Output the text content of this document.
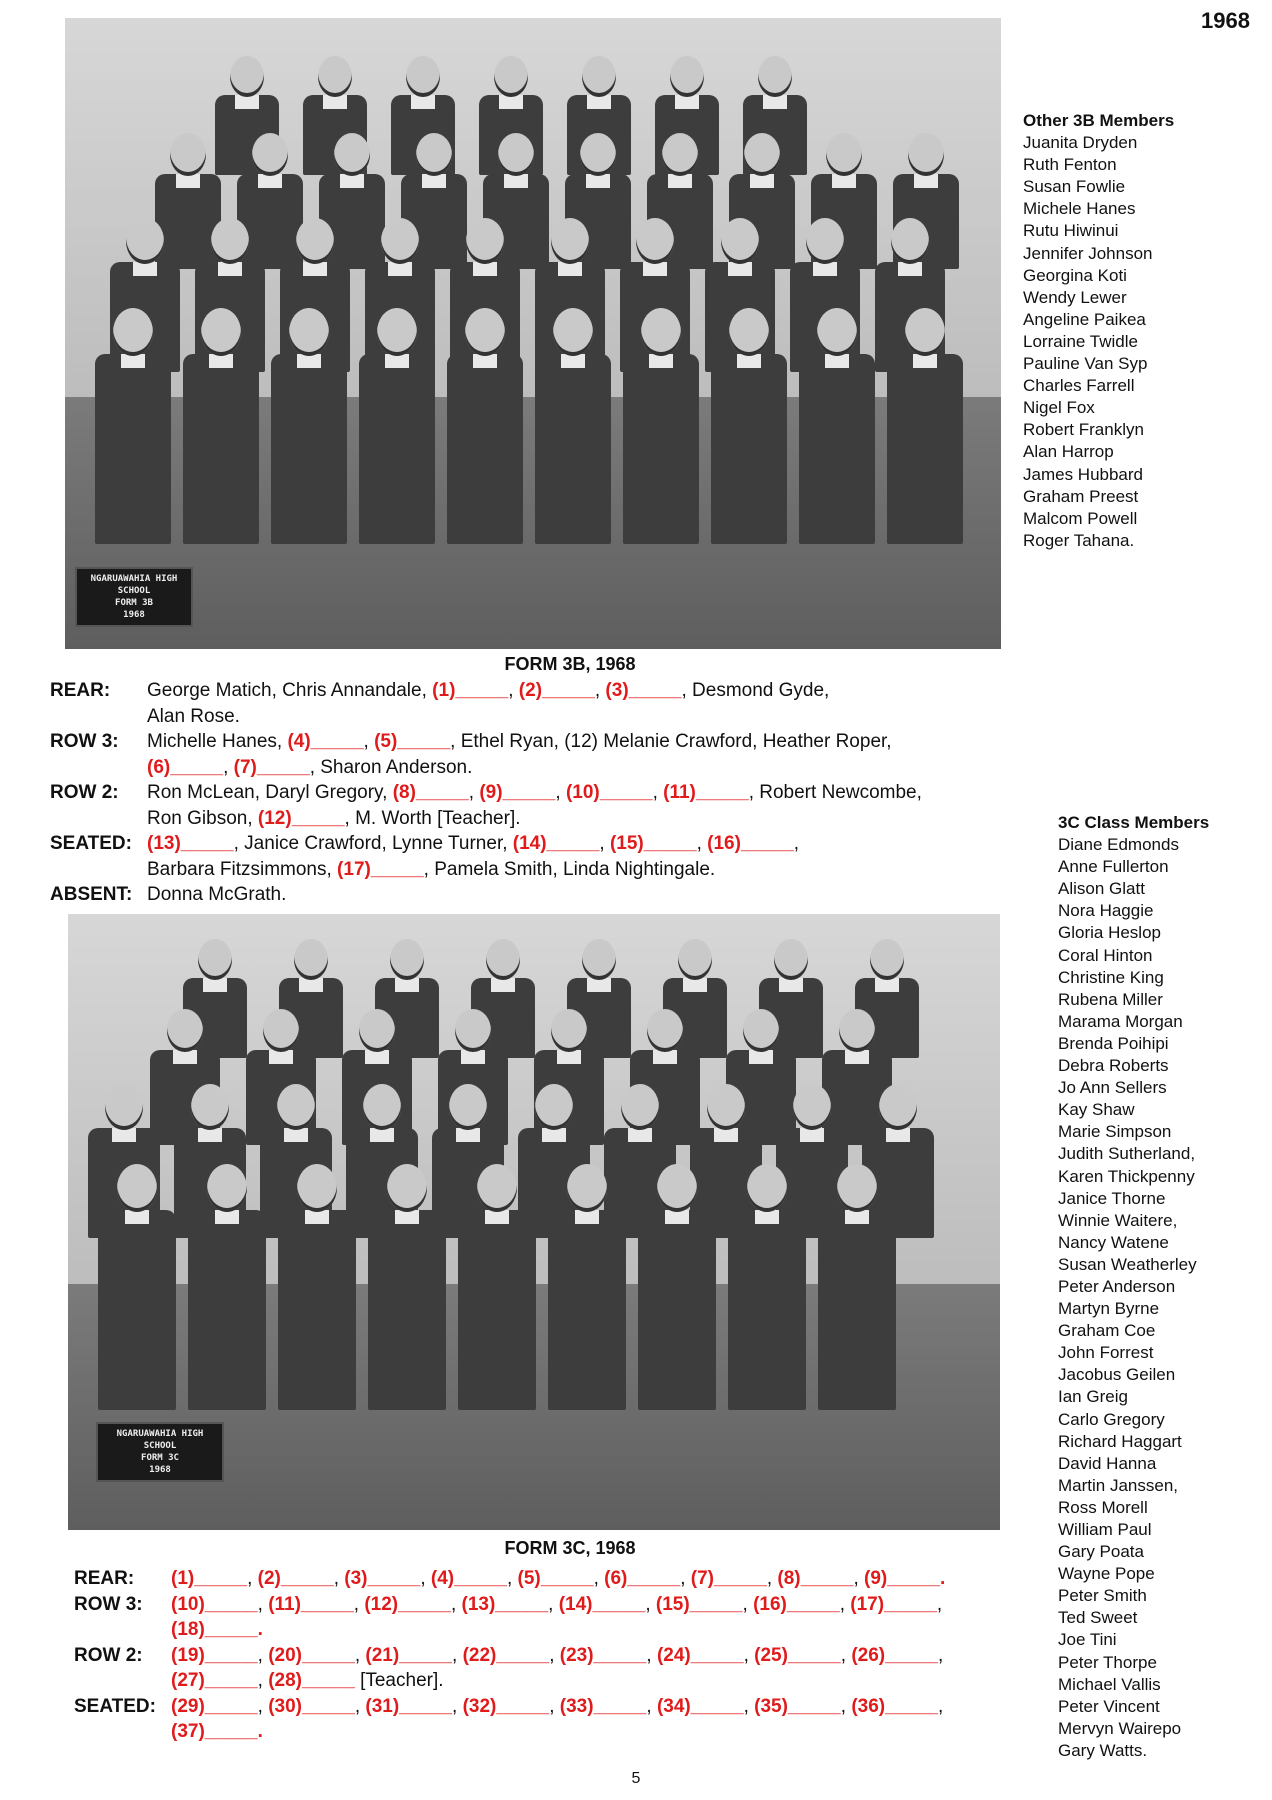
1968
NGARUAWAHIA HIGH
SCHOOL
FORM 3B
1968
Other 3B Members
Juanita Dryden
Ruth Fenton
Susan Fowlie
Michele Hanes
Rutu Hiwinui
Jennifer Johnson
Georgina Koti
Wendy Lewer
Angeline Paikea
Lorraine Twidle
Pauline Van Syp
Charles Farrell
Nigel Fox
Robert Franklyn
Alan Harrop
James Hubbard
Graham Preest
Malcom Powell
Roger Tahana.
FORM 3B, 1968
REAR: George Matich, Chris Annandale, (1)_____, (2)_____, (3)_____, Desmond Gyde,
Alan Rose.
ROW 3: Michelle Hanes, (4)_____, (5)_____, Ethel Ryan, (12) Melanie Crawford, Heather Roper,
(6)_____, (7)_____, Sharon Anderson.
ROW 2: Ron McLean, Daryl Gregory, (8)_____, (9)_____, (10)_____, (11)_____, Robert Newcombe,
Ron Gibson, (12)_____, M. Worth [Teacher].
SEATED: (13)_____, Janice Crawford, Lynne Turner, (14)_____, (15)_____, (16)_____,
Barbara Fitzsimmons, (17)_____, Pamela Smith, Linda Nightingale.
ABSENT: Donna McGrath.
3C Class Members
Diane Edmonds
Anne Fullerton
Alison Glatt
Nora Haggie
Gloria Heslop
Coral Hinton
Christine King
Rubena Miller
Marama Morgan
Brenda Poihipi
Debra Roberts
Jo Ann Sellers
Kay Shaw
Marie Simpson
Judith Sutherland,
Karen Thickpenny
Janice Thorne
Winnie Waitere,
Nancy Watene
Susan Weatherley
Peter Anderson
Martyn Byrne
Graham Coe
John Forrest
Jacobus Geilen
Ian Greig
Carlo Gregory
Richard Haggart
David Hanna
Martin Janssen,
Ross Morell
William Paul
Gary Poata
Wayne Pope
Peter Smith
Ted Sweet
Joe Tini
Peter Thorpe
Michael Vallis
Peter Vincent
Mervyn Wairepo
Gary Watts.
NGARUAWAHIA HIGH
SCHOOL
FORM 3C
1968
FORM 3C, 1968
REAR: (1)_____, (2)_____, (3)_____, (4)_____, (5)_____, (6)_____, (7)_____, (8)_____, (9)_____.
ROW 3: (10)_____, (11)_____, (12)_____, (13)_____, (14)_____, (15)_____, (16)_____, (17)_____,
(18)_____.
ROW 2: (19)_____, (20)_____, (21)_____, (22)_____, (23)_____, (24)_____, (25)_____, (26)_____,
(27)_____, (28)_____ [Teacher].
SEATED: (29)_____, (30)_____, (31)_____, (32)_____, (33)_____, (34)_____, (35)_____, (36)_____,
(37)_____.
5
